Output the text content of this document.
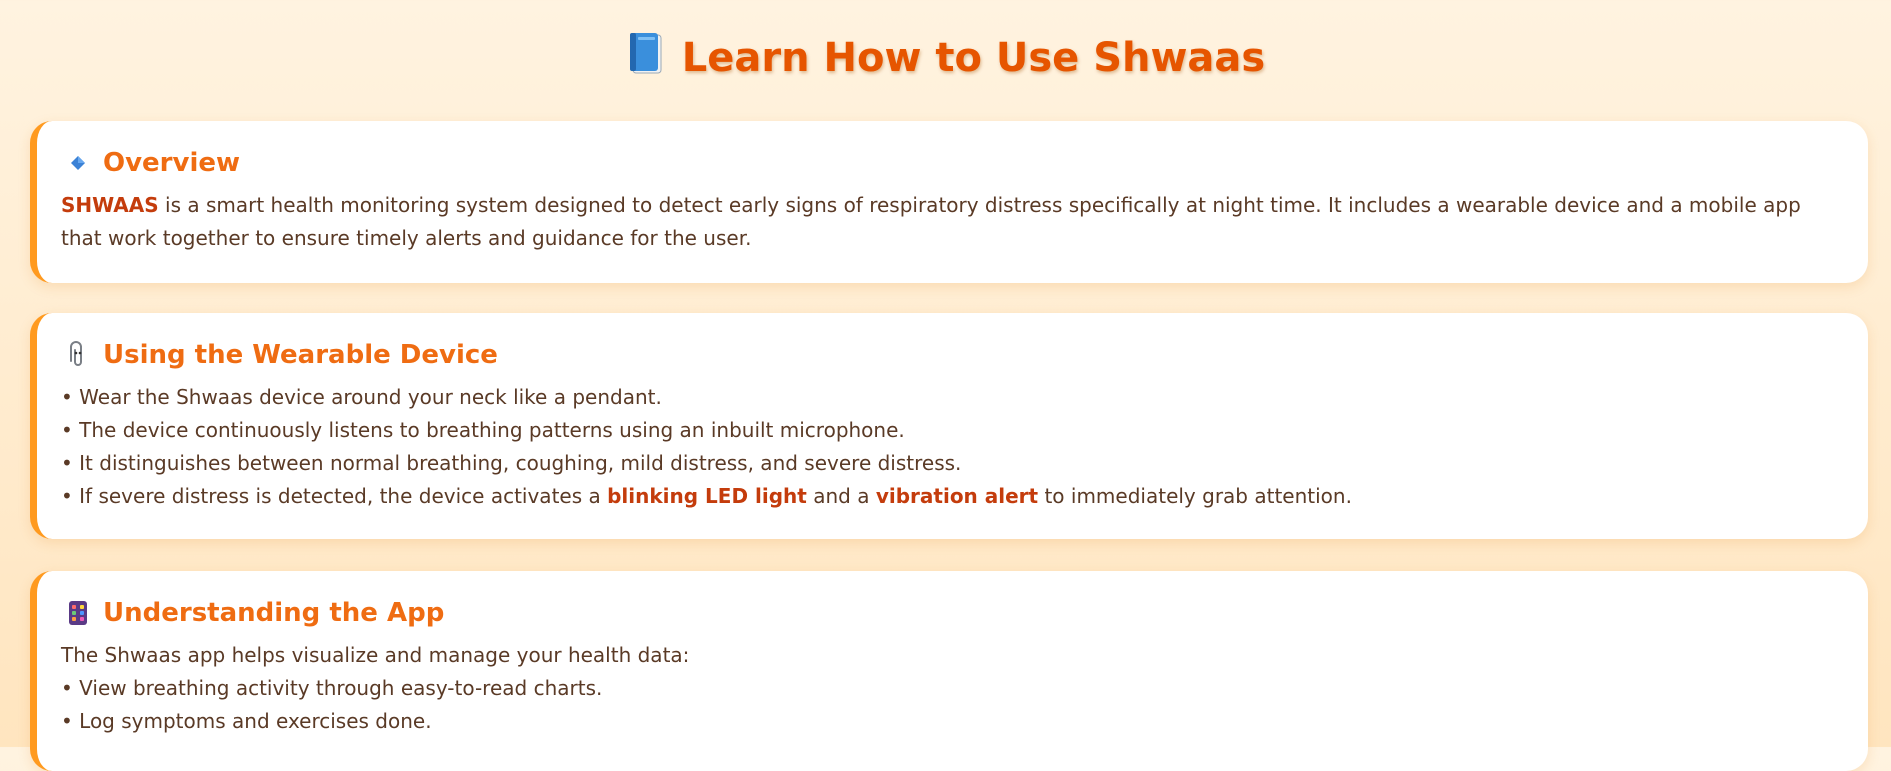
Learn How to Use Shwaas
Overview

SHWAAS is a smart health monitoring system designed to detect early signs of respiratory distress specifically at night time. It includes a wearable device and a mobile app that work together to ensure timely alerts and guidance for the user.

Using the Wearable Device

• Wear the Shwaas device around your neck like a pendant.

• The device continuously listens to breathing patterns using an inbuilt microphone.

• It distinguishes between normal breathing, coughing, mild distress, and severe distress.

• If severe distress is detected, the device activates a blinking LED light and a vibration alert to immediately grab attention.

Understanding the App

The Shwaas app helps visualize and manage your health data:

• View breathing activity through easy-to-read charts.

• Log symptoms and exercises done.
